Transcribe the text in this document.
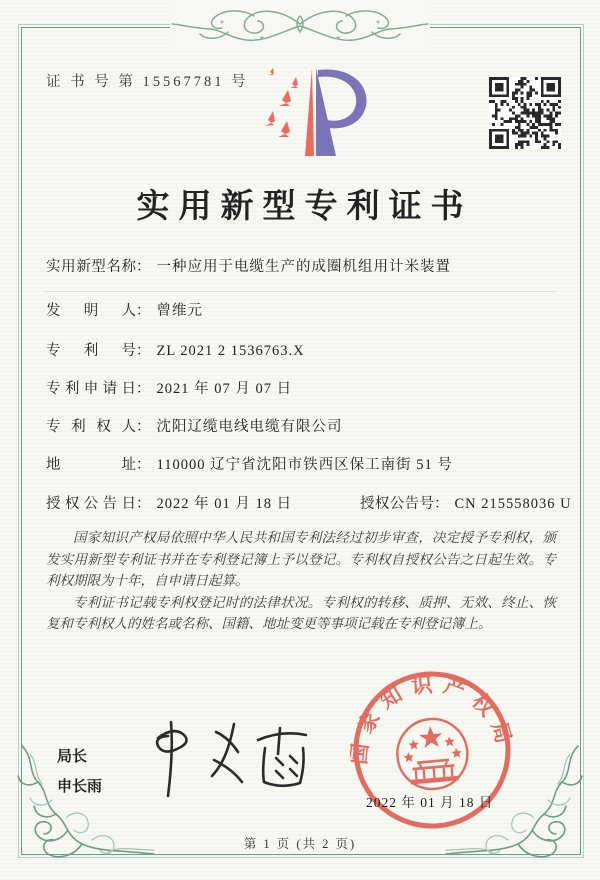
证 书 号 第 15567781 号
实用新型专利证书
实用新型名称： 一种应用于电缆生产的成圈机组用计米装置
发明人： 曾维元
专利号： ZL 2021 2 1536763.X
专利申请日： 2021 年 07 月 07 日
专利权人： 沈阳辽缆电线电缆有限公司
地址： 110000 辽宁省沈阳市铁西区保工南街 51 号
授权公告日： 2022 年 01 月 18 日	授权公告号： CN 215558036 U

国家知识产权局依照中华人民共和国专利法经过初步审查，决定授予专利权，颁发实用新型专利证书并在专利登记簿上予以登记。专利权自授权公告之日起生效。专利权期限为十年，自申请日起算。

专利证书记载专利权登记时的法律状况。专利权的转移、质押、无效、终止、恢复和专利权人的姓名或名称、国籍、地址变更等事项记载在专利登记簿上。

局长
申长雨
国家知识产权局
2022 年 01 月 18 日
第 1 页 (共 2 页)
